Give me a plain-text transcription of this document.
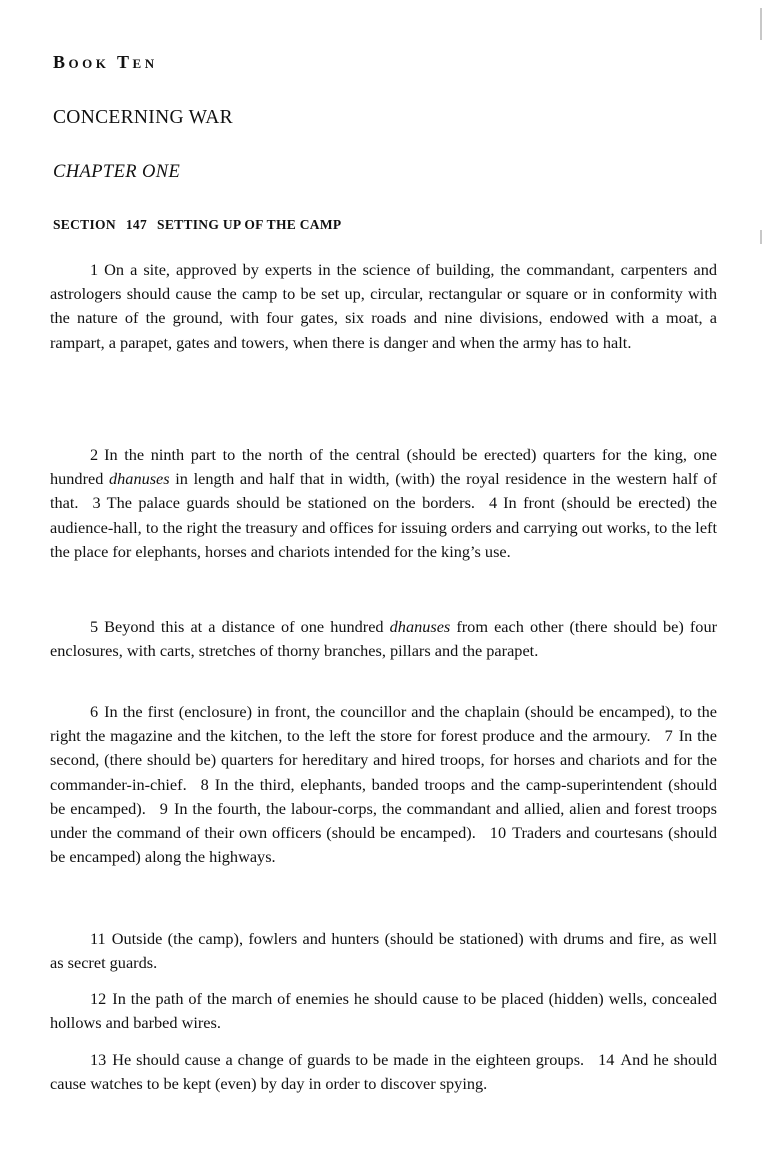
Book Ten
CONCERNING WAR
CHAPTER ONE
SECTION 147 SETTING UP OF THE CAMP

1 On a site, approved by experts in the science of building, the commandant, carpenters and astrologers should cause the camp to be set up, circular, rectangular or square or in conformity with the nature of the ground, with four gates, six roads and nine divisions, endowed with a moat, a rampart, a parapet, gates and towers, when there is danger and when the army has to halt.

2 In the ninth part to the north of the central (should be erected) quarters for the king, one hundred dhanuses in length and half that in width, (with) the royal residence in the western half of that. 3 The palace guards should be stationed on the borders. 4 In front (should be erected) the audience-hall, to the right the treasury and offices for issuing orders and carrying out works, to the left the place for elephants, horses and chariots intended for the king’s use.

5 Beyond this at a distance of one hundred dhanuses from each other (there should be) four enclosures, with carts, stretches of thorny branches, pillars and the parapet.

6 In the first (enclosure) in front, the councillor and the chaplain (should be encamped), to the right the magazine and the kitchen, to the left the store for forest produce and the armoury. 7 In the second, (there should be) quarters for hereditary and hired troops, for horses and chariots and for the commander-in-chief. 8 In the third, elephants, banded troops and the camp-superintendent (should be encamped). 9 In the fourth, the labour-corps, the commandant and allied, alien and forest troops under the command of their own officers (should be encamped). 10 Traders and courtesans (should be encamped) along the highways.

11 Outside (the camp), fowlers and hunters (should be stationed) with drums and fire, as well as secret guards.

12 In the path of the march of enemies he should cause to be placed (hidden) wells, concealed hollows and barbed wires.

13 He should cause a change of guards to be made in the eighteen groups. 14 And he should cause watches to be kept (even) by day in order to discover spying.
